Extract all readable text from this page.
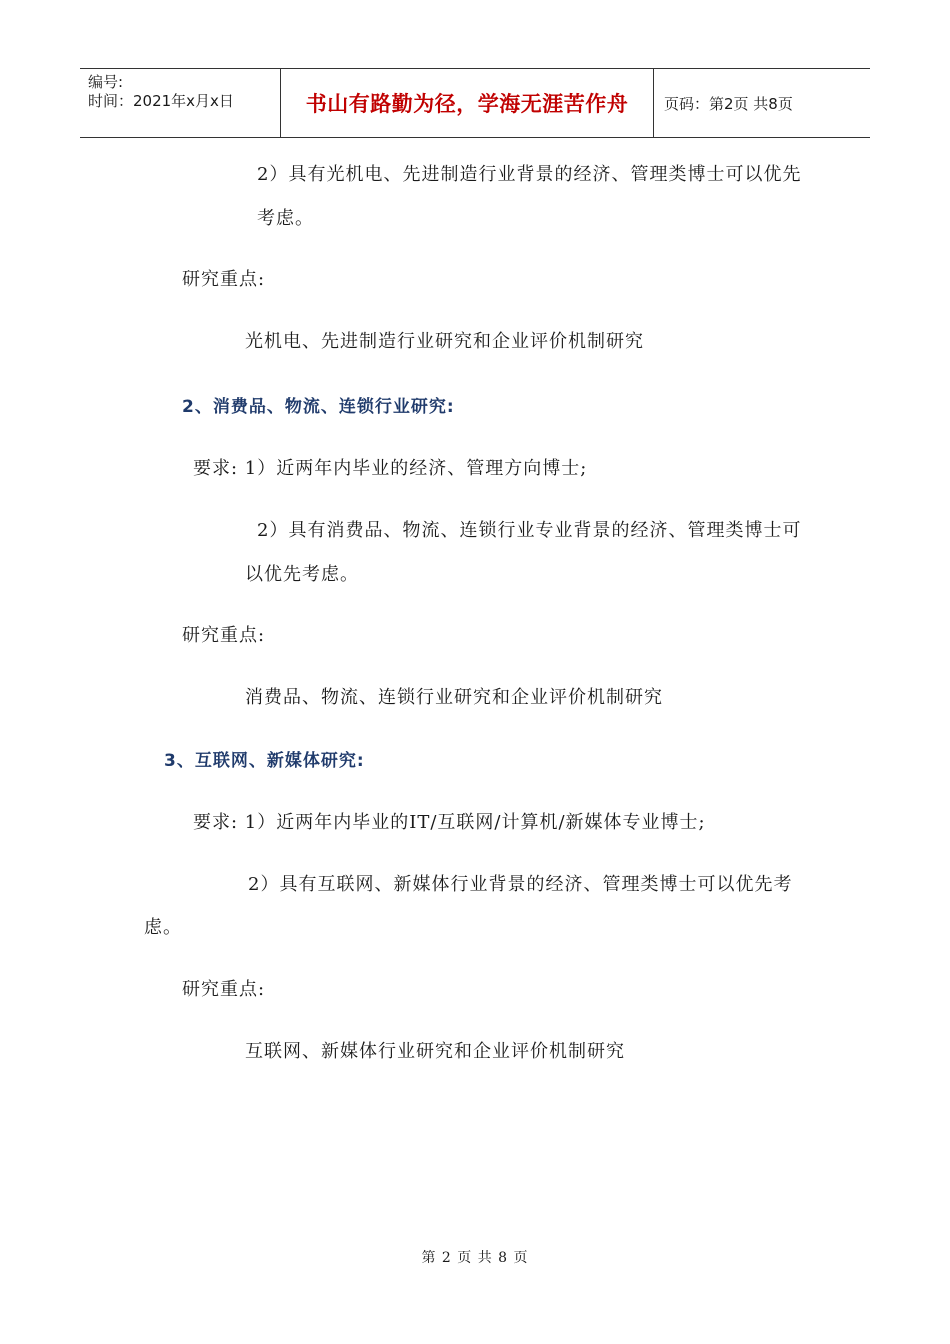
编号:
时间：2021年x月x日	书山有路勤为径，学海无涯苦作舟	页码：第2页 共8页
2）具有光机电、先进制造行业背景的经济、管理类博士可以优先
考虑。
研究重点:
光机电、先进制造行业研究和企业评价机制研究
2、消费品、物流、连锁行业研究:
要求: 1）近两年内毕业的经济、管理方向博士;
2）具有消费品、物流、连锁行业专业背景的经济、管理类博士可
以优先考虑。
研究重点:
消费品、物流、连锁行业研究和企业评价机制研究
3、互联网、新媒体研究:
要求: 1）近两年内毕业的IT/互联网/计算机/新媒体专业博士;
2）具有互联网、新媒体行业背景的经济、管理类博士可以优先考
虑。
研究重点:
互联网、新媒体行业研究和企业评价机制研究
第 2 页 共 8 页
